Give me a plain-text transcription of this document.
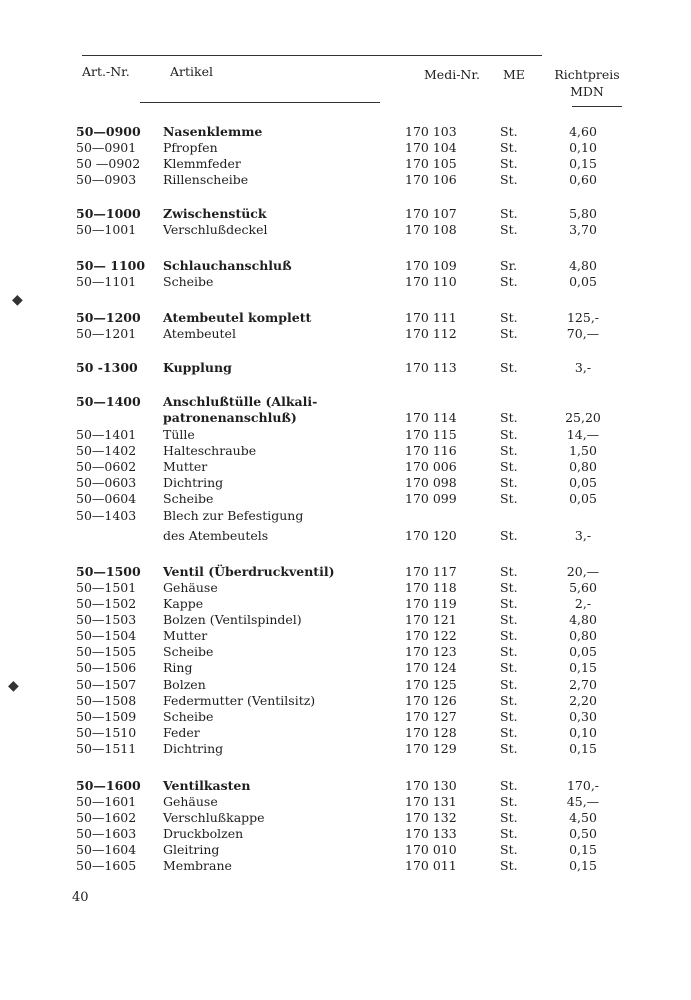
Art.-Nr.	Artikel	Medi-Nr. ME Richtpreis
MDN
50—0900 Nasenklemme	170 103	St.	4,60
50—0901 Pfropfen	170 104	St.	0,10
50 —0902 Klemmfeder	170 105	St.	0,15
50—0903 Rillenscheibe	170 106	St.	0,60
50—1000 Zwischenstück	170 107	St.	5,80
50—1001 Verschlußdeckel	170 108	St.	3,70
50— 1100 Schlauchanschluß	170 109	Sr.	4,80
50—1101 Scheibe	170 110	St.	0,05
50—1200 Atembeutel komplett	170 111	St.	125,-
50—1201 Atembeutel	170 112	St.	70,—
50 -1300 Kupplung	170 113	St.	3,-
50—1400 Anschlußtülle (Alkali-
patronenanschluß)	170 114	St.	25,20
50—1401 Tülle	170 115	St.	14,—
50—1402 Halteschraube	170 116	St.	1,50
50—0602 Mutter	170 006	St.	0,80
50—0603 Dichtring	170 098	St.	0,05
50—0604 Scheibe	170 099	St.	0,05
50—1403 Blech zur Befestigung
des Atembeutels	170 120	St.	3,-
50—1500 Ventil (Überdruckventil)	170 117	St.	20,—
50—1501 Gehäuse	170 118	St.	5,60
50—1502 Kappe	170 119	St.	2,-
50—1503 Bolzen (Ventilspindel)	170 121	St.	4,80
50—1504 Mutter	170 122	St.	0,80
50—1505 Scheibe	170 123	St.	0,05
50—1506 Ring	170 124	St.	0,15
50—1507 Bolzen	170 125	St.	2,70
50—1508 Federmutter (Ventilsitz)	170 126	St.	2,20
50—1509 Scheibe	170 127	St.	0,30
50—1510 Feder	170 128	St.	0,10
50—1511 Dichtring	170 129	St.	0,15
50—1600 Ventilkasten	170 130	St.	170,-
50—1601 Gehäuse	170 131	St.	45,—
50—1602 Verschlußkappe	170 132	St.	4,50
50—1603 Druckbolzen	170 133	St.	0,50
50—1604 Gleitring	170 010	St.	0,15
50—1605 Membrane	170 011	St.	0,15
40
◆
◆
